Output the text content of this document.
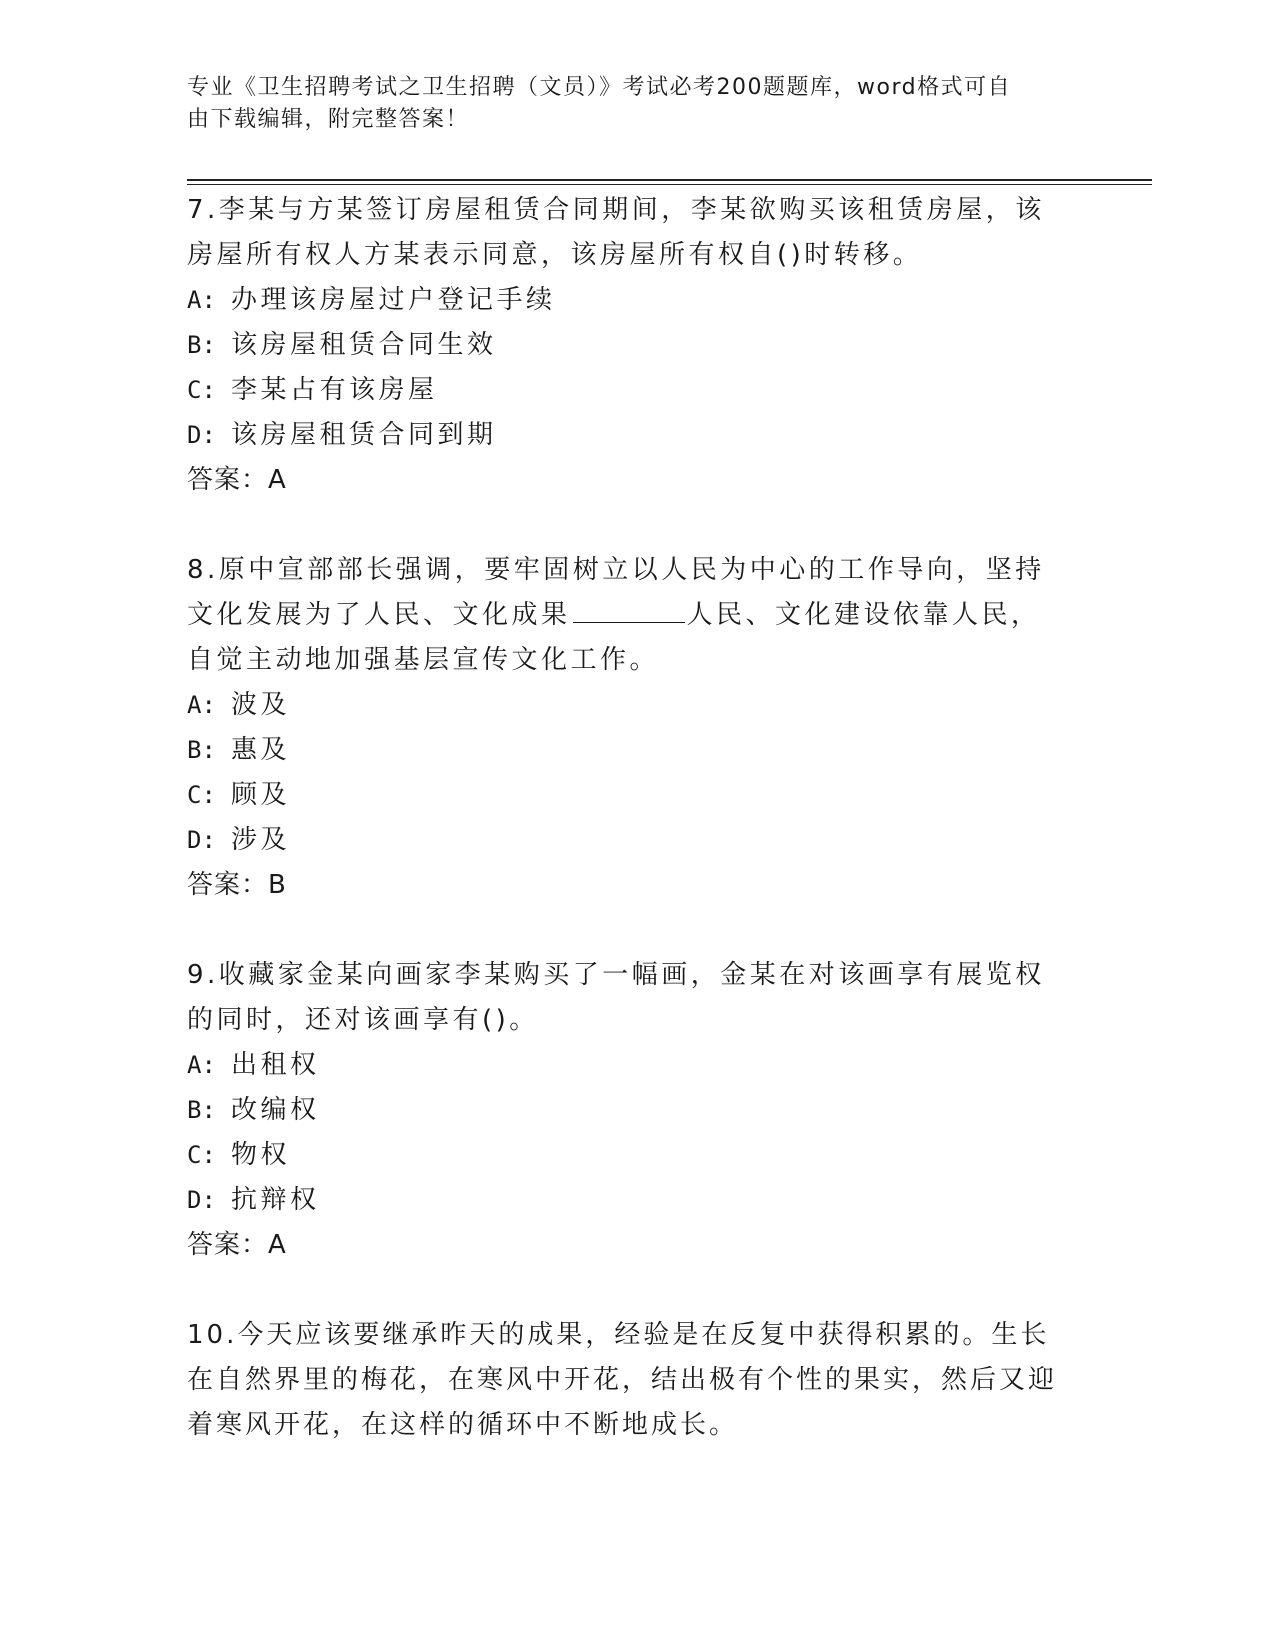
专业《卫生招聘考试之卫生招聘（文员）》考试必考200题题库，word格式可自
由下载编辑，附完整答案！

7.李某与方某签订房屋租赁合同期间，李某欲购买该租赁房屋，该房屋所有权人方某表示同意，该房屋所有权自()时转移。

A: 办理该房屋过户登记手续

B: 该房屋租赁合同生效

C: 李某占有该房屋

D: 该房屋租赁合同到期

答案：A

8.原中宣部部长强调，要牢固树立以人民为中心的工作导向，坚持文化发展为了人民、文化成果	人民、文化建设依靠人民，自觉主动地加强基层宣传文化工作。

A: 波及

B: 惠及

C: 顾及

D: 涉及

答案：B

9.收藏家金某向画家李某购买了一幅画，金某在对该画享有展览权的同时，还对该画享有()。

A: 出租权

B: 改编权

C: 物权

D: 抗辩权

答案：A

10.今天应该要继承昨天的成果，经验是在反复中获得积累的。生长在自然界里的梅花，在寒风中开花，结出极有个性的果实，然后又迎着寒风开花，在这样的循环中不断地成长。
